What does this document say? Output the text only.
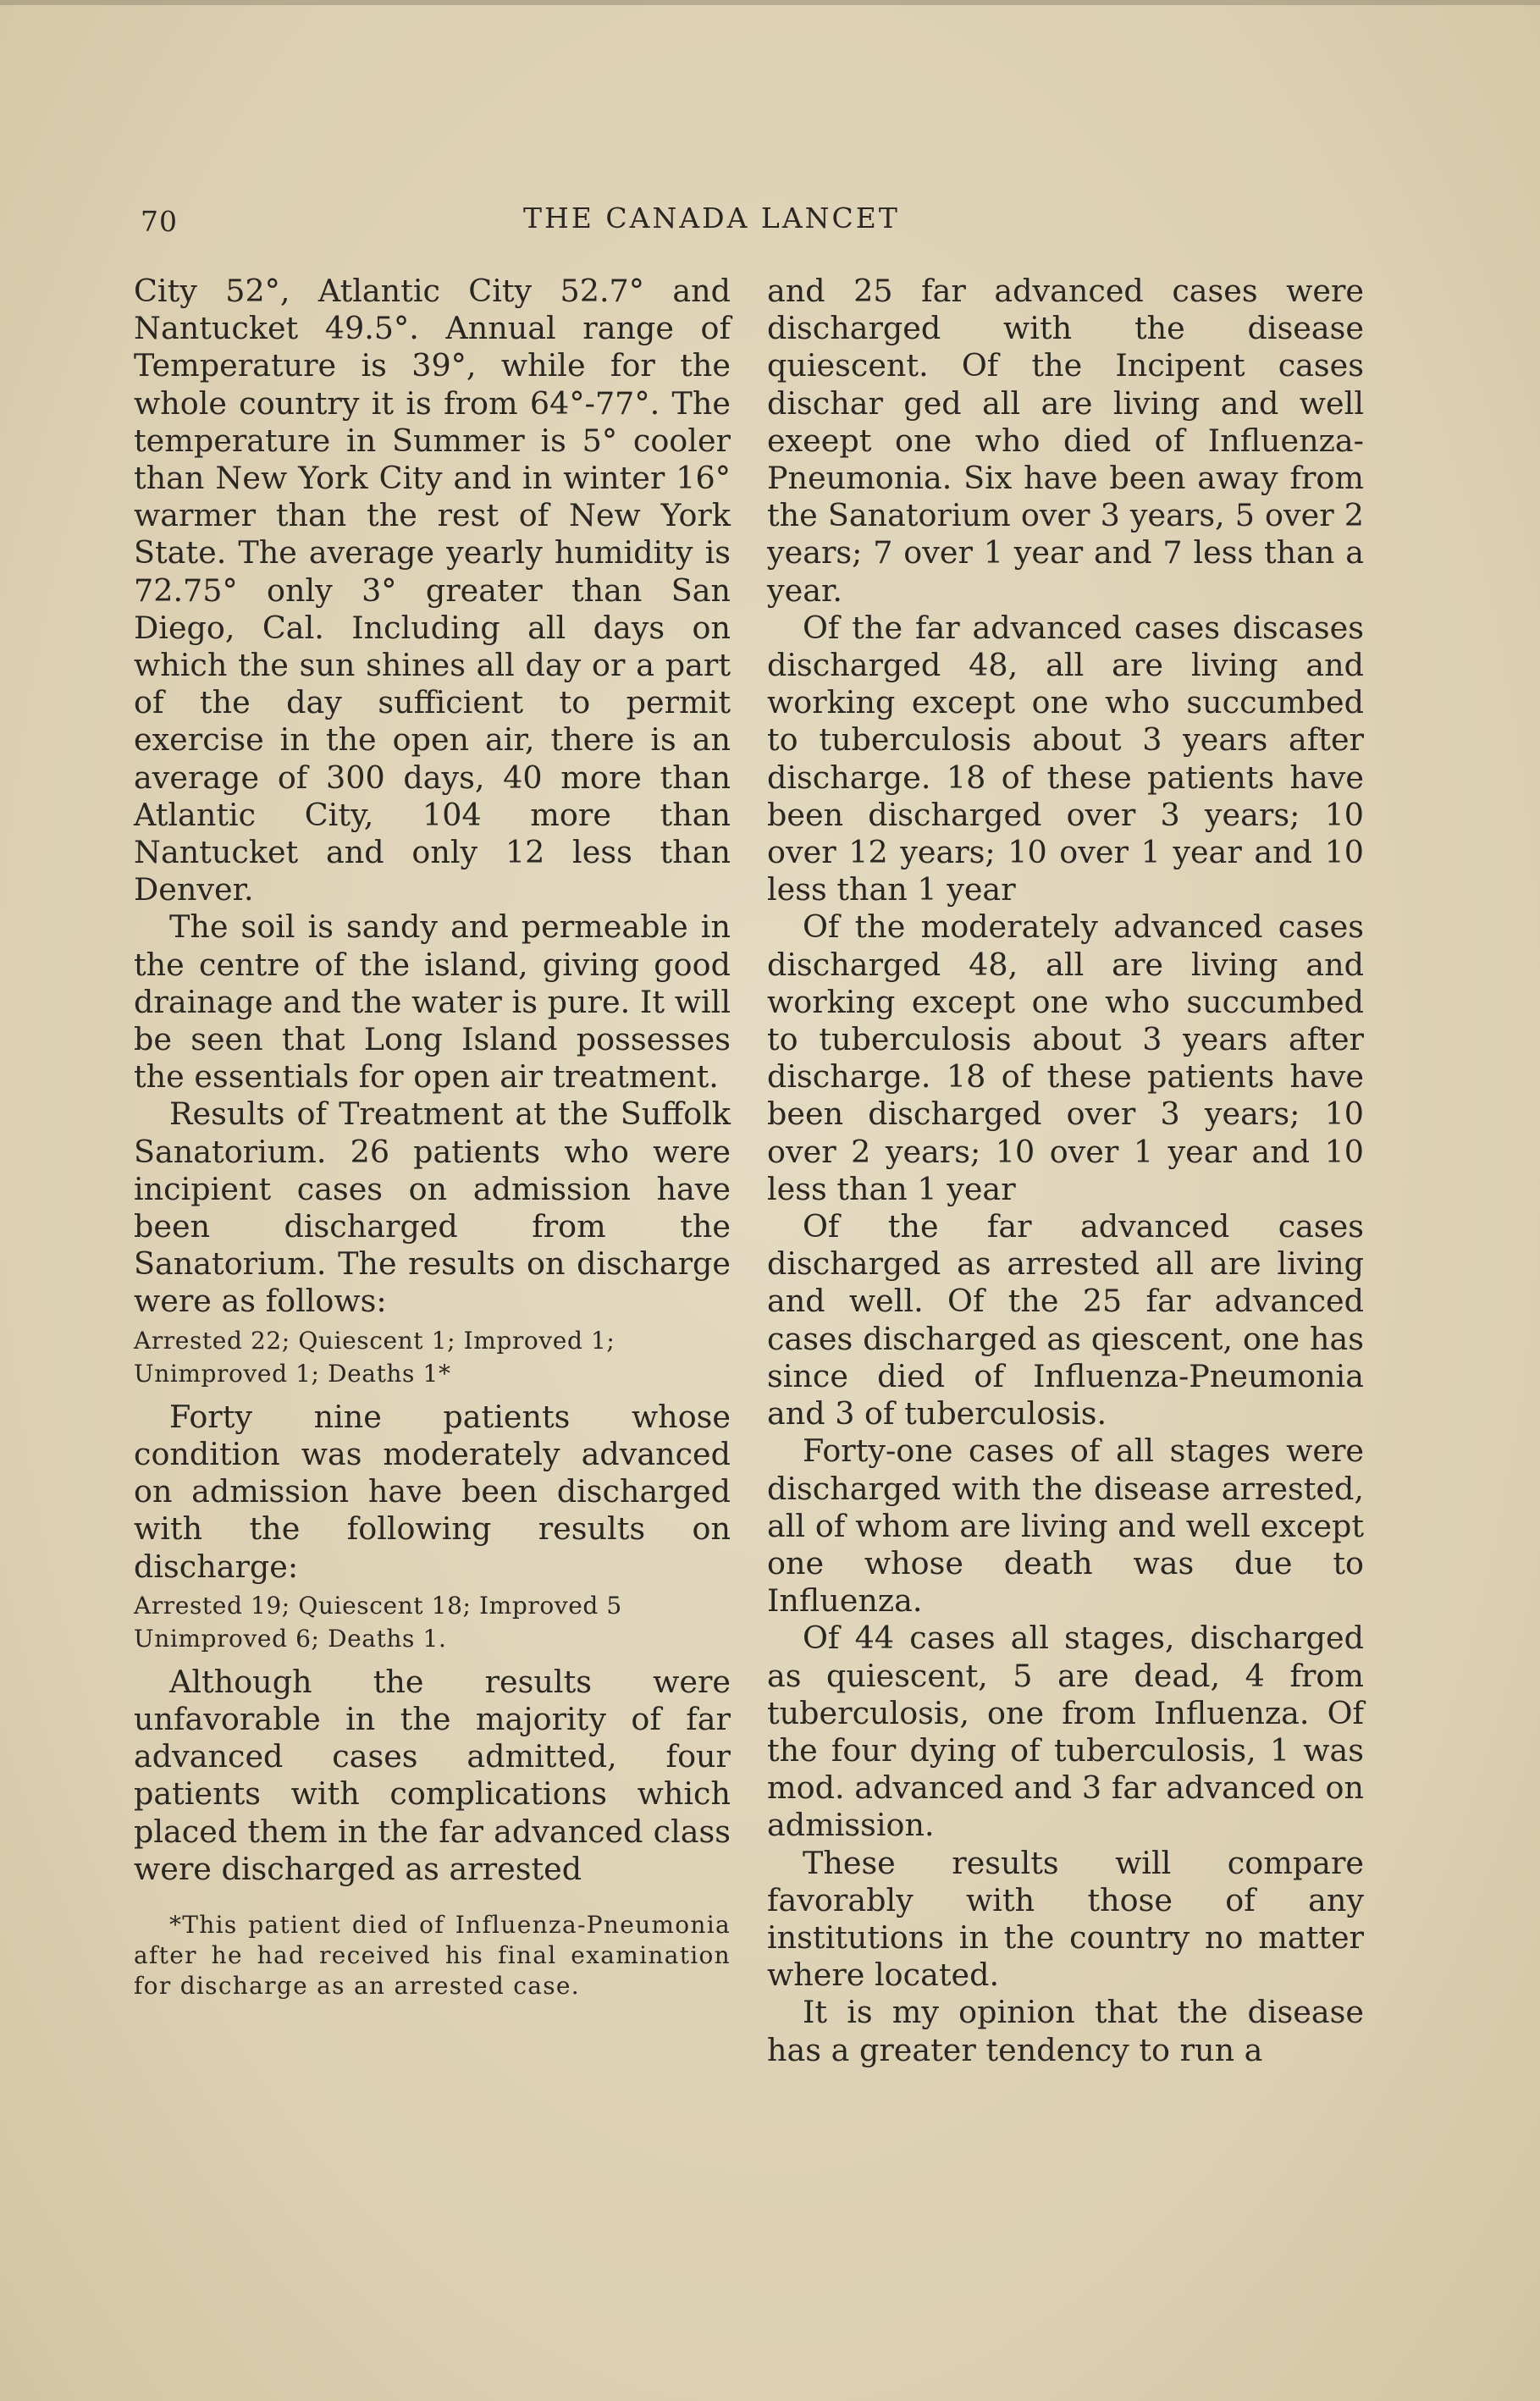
70	THE CANADA LANCET

City 52°, Atlantic City 52.7° and Nantucket 49.5°. Annual range of Temperature is 39°, while for the whole country it is from 64°-77°. The temperature in Summer is 5° cooler than New York City and in winter 16° warmer than the rest of New York State. The average yearly humidity is 72.75° only 3° greater than San Diego, Cal. Including all days on which the sun shines all day or a part of the day sufficient to permit exercise in the open air, there is an average of 300 days, 40 more than Atlantic City, 104 more than Nantucket and only 12 less than Denver.

The soil is sandy and permeable in the centre of the island, giving good drainage and the water is pure. It will be seen that Long Island possesses the essentials for open air treatment.

Results of Treatment at the Suffolk Sanatorium. 26 patients who were incipient cases on admission have been discharged from the Sanatorium. The results on discharge were as follows:

Arrested 22; Quiescent 1; Improved 1; Unimproved 1; Deaths 1*

Forty nine patients whose condition was moderately advanced on admission have been discharged with the following results on discharge:

Arrested 19; Quiescent 18; Improved 5 Unimproved 6; Deaths 1.

Although the results were unfavorable in the majority of far advanced cases admitted, four patients with complications which placed them in the far advanced class were discharged as arrested

*This patient died of Influenza-Pneumonia after he had received his final examination for discharge as an arrested case.

and 25 far advanced cases were discharged with the disease quiescent. Of the Incipent cases dischar ged all are living and well exeept one who died of Influenza-Pneumonia. Six have been away from the Sanatorium over 3 years, 5 over 2 years; 7 over 1 year and 7 less than a year.

Of the far advanced cases discases discharged 48, all are living and working except one who succumbed to tuberculosis about 3 years after discharge. 18 of these patients have been discharged over 3 years; 10 over 12 years; 10 over 1 year and 10 less than 1 year

Of the moderately advanced cases discharged 48, all are living and working except one who succumbed to tuberculosis about 3 years after discharge. 18 of these patients have been discharged over 3 years; 10 over 2 years; 10 over 1 year and 10 less than 1 year

Of the far advanced cases discharged as arrested all are living and well. Of the 25 far advanced cases discharged as qiescent, one has since died of Influenza-Pneumonia and 3 of tuberculosis.

Forty-one cases of all stages were discharged with the disease arrested, all of whom are living and well except one whose death was due to Influenza.

Of 44 cases all stages, discharged as quiescent, 5 are dead, 4 from tuberculosis, one from Influenza. Of the four dying of tuberculosis, 1 was mod. advanced and 3 far advanced on admission.

These results will compare favorably with those of any institutions in the country no matter where located.

It is my opinion that the disease has a greater tendency to run a
